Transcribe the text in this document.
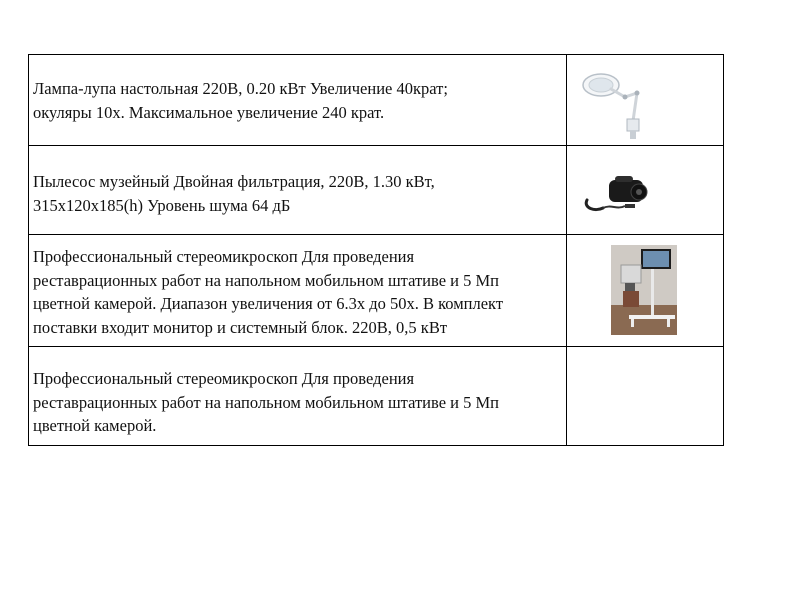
Лампа-лупа настольная 220В, 0.20 кВт Увеличение 40крат;
окуляры 10х. Максимальное увеличение 240 крат.

Пылесос музейный Двойная фильтрация, 220В, 1.30 кВт,
315х120х185(h) Уровень шума 64 дБ

Профессиональный стереомикроскоп Для проведения
реставрационных работ на напольном мобильном штативе и 5 Мп
цветной камерой. Диапазон увеличения от 6.3х до 50х. В комплект
поставки входит монитор и системный блок. 220В, 0,5 кВт

Профессиональный стереомикроскоп Для проведения
реставрационных работ на напольном мобильном штативе и 5 Мп
цветной камерой.	
